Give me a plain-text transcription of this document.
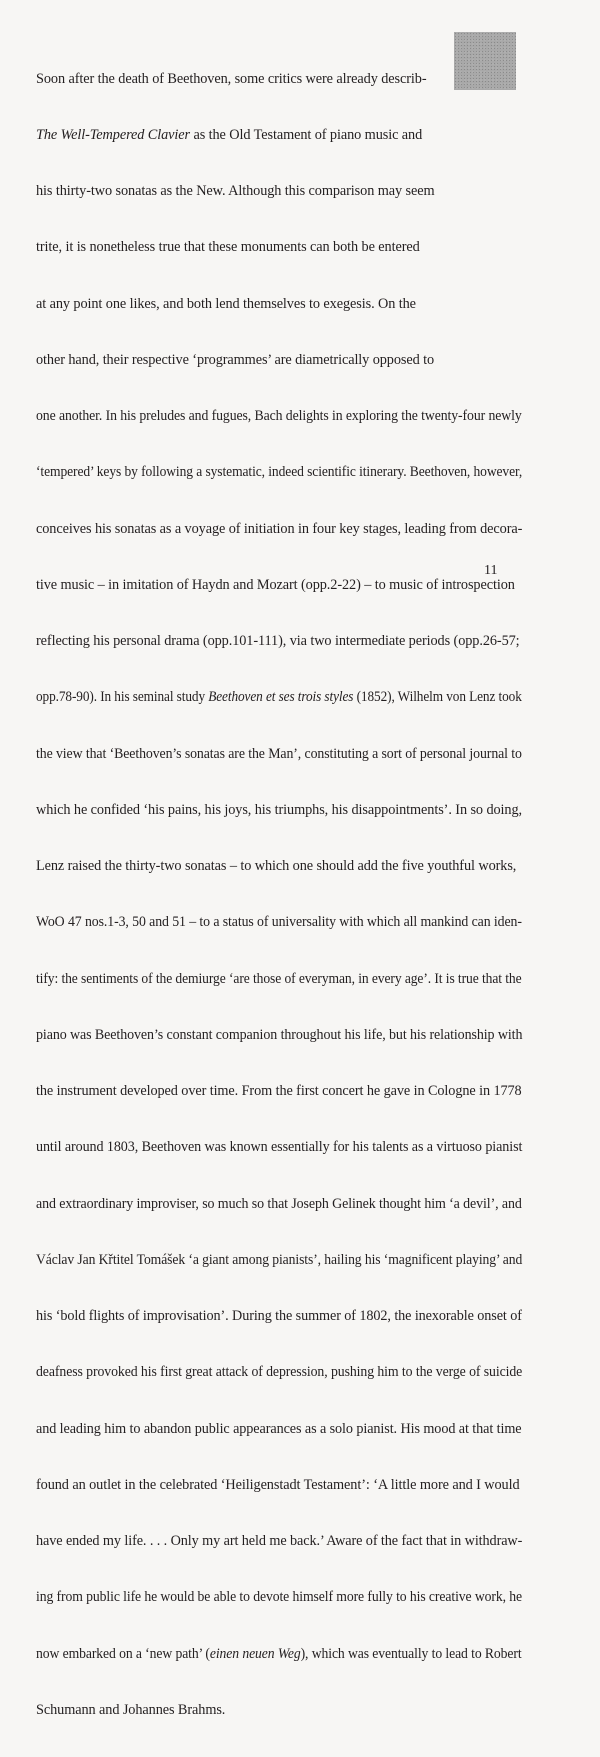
Soon after the death of Beethoven, some critics were already describ-

The Well-Tempered Clavier as the Old Testament of piano music and

his thirty-two sonatas as the New. Although this comparison may seem

trite, it is nonetheless true that these monuments can both be entered

at any point one likes, and both lend themselves to exegesis. On the

other hand, their respective ‘programmes’ are diametrically opposed to

one another. In his preludes and fugues, Bach delights in exploring the twenty-four newly

‘tempered’ keys by following a systematic, indeed scientific itinerary. Beethoven, however,

conceives his sonatas as a voyage of initiation in four key stages, leading from decora-

tive music – in imitation of Haydn and Mozart (opp.2-22) – to music of introspection

reflecting his personal drama (opp.101-111), via two intermediate periods (opp.26-57;

opp.78-90). In his seminal study Beethoven et ses trois styles (1852), Wilhelm von Lenz took

the view that ‘Beethoven’s sonatas are the Man’, constituting a sort of personal journal to

which he confided ‘his pains, his joys, his triumphs, his disappointments’. In so doing,

Lenz raised the thirty-two sonatas – to which one should add the five youthful works,

WoO 47 nos.1-3, 50 and 51 – to a status of universality with which all mankind can iden-

tify: the sentiments of the demiurge ‘are those of everyman, in every age’. It is true that the

piano was Beethoven’s constant companion throughout his life, but his relationship with

the instrument developed over time. From the first concert he gave in Cologne in 1778

until around 1803, Beethoven was known essentially for his talents as a virtuoso pianist

and extraordinary improviser, so much so that Joseph Gelinek thought him ‘a devil’, and

Václav Jan Křtitel Tomášek ‘a giant among pianists’, hailing his ‘magnificent playing’ and

his ‘bold flights of improvisation’. During the summer of 1802, the inexorable onset of

deafness provoked his first great attack of depression, pushing him to the verge of suicide

and leading him to abandon public appearances as a solo pianist. His mood at that time

found an outlet in the celebrated ‘Heiligenstadt Testament’: ‘A little more and I would

have ended my life. . . . Only my art held me back.’ Aware of the fact that in withdraw-

ing from public life he would be able to devote himself more fully to his creative work, he

now embarked on a ‘new path’ (einen neuen Weg), which was eventually to lead to Robert

Schumann and Johannes Brahms.

11
